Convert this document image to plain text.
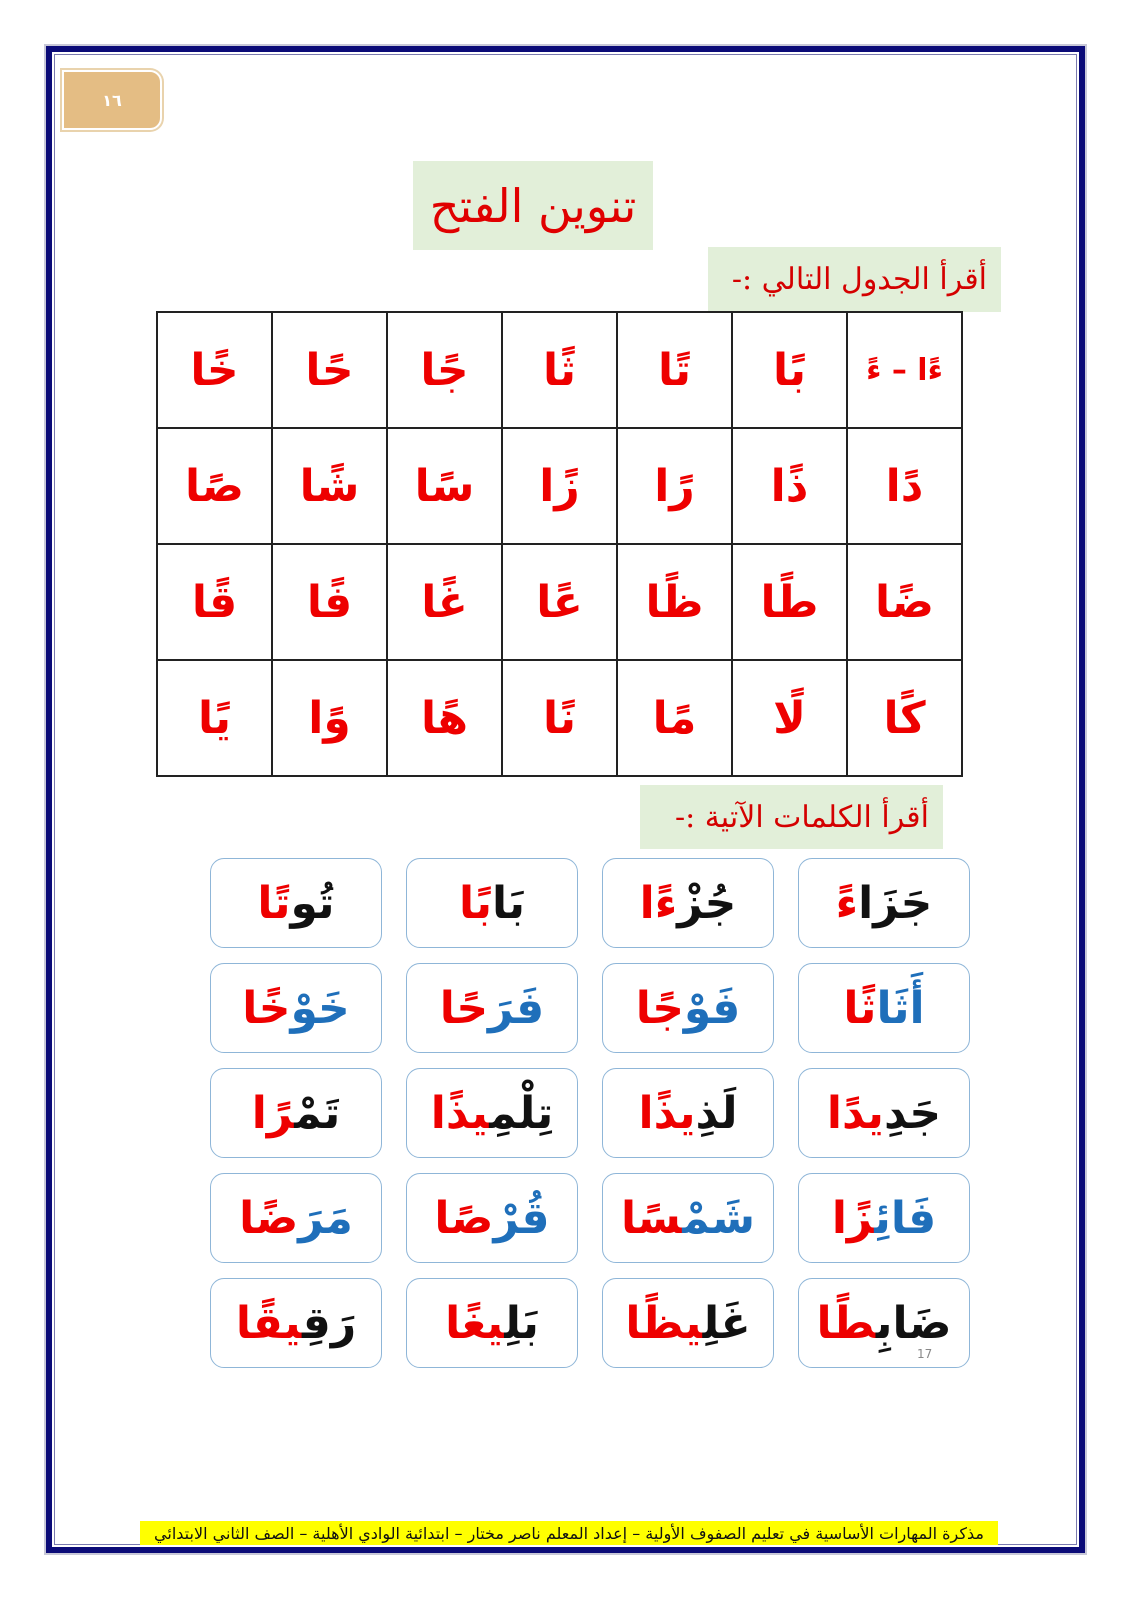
١٦
تنوين الفتح
أقرأ الجدول التالي :-
ءًا – ءً	بًا	تًا	ثًا	جًا	حًا	خًا
دًا	ذًا	رًا	زًا	سًا	شًا	صًا
ضًا	طًا	ظًا	عًا	غًا	فًا	قًا
كًا	لًا	مًا	نًا	هًا	وًا	يًا
أقرأ الكلمات الآتية :-
جَزَاءً
جُزْءًا
بَابًا
تُوتًا
أَثَاثًا
فَوْجًا
فَرَحًا
خَوْخًا
جَدِيدًا
لَذِيذًا
تِلْمِيذًا
تَمْرًا
فَائِزًا
شَمْسًا
قُرْصًا
مَرَضًا
ضَابِطًا
17
غَلِيظًا
بَلِيغًا
رَقِيقًا
مذكرة المهارات الأساسية في تعليم الصفوف الأولية – إعداد المعلم ناصر مختار – ابتدائية الوادي الأهلية – الصف الثاني الابتدائي
